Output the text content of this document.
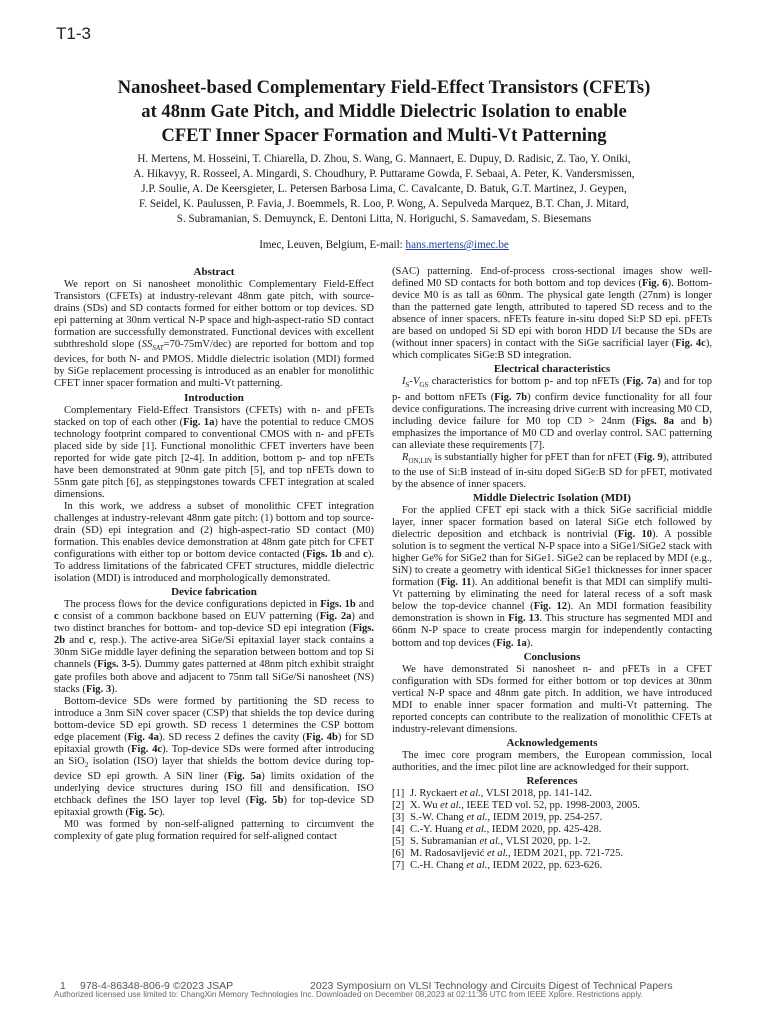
T1-3
Nanosheet-based Complementary Field-Effect Transistors (CFETs)
at 48nm Gate Pitch, and Middle Dielectric Isolation to enable
CFET Inner Spacer Formation and Multi-Vt Patterning
H. Mertens, M. Hosseini, T. Chiarella, D. Zhou, S. Wang, G. Mannaert, E. Dupuy, D. Radisic, Z. Tao, Y. Oniki,
A. Hikavyy, R. Rosseel, A. Mingardi, S. Choudhury, P. Puttarame Gowda, F. Sebaai, A. Peter, K. Vandersmissen,
J.P. Soulie, A. De Keersgieter, L. Petersen Barbosa Lima, C. Cavalcante, D. Batuk, G.T. Martinez, J. Geypen,
F. Seidel, K. Paulussen, P. Favia, J. Boemmels, R. Loo, P. Wong, A. Sepulveda Marquez, B.T. Chan, J. Mitard,
S. Subramanian, S. Demuynck, E. Dentoni Litta, N. Horiguchi, S. Samavedam, S. Biesemans
Imec, Leuven, Belgium, E-mail: hans.mertens@imec.be
Abstract

We report on Si nanosheet monolithic Complementary Field-Effect Transistors (CFETs) at industry-relevant 48nm gate pitch, with source-drains (SDs) and SD contacts formed for either bottom or top devices. SD epi patterning at 30nm vertical N-P space and high-aspect-ratio SD contact formation are successfully demonstrated. Functional devices with excellent subthreshold slope $(SS_{SAT}=70-75mV/dec)$ are reported for bottom and top devices, for both N- and PMOS. Middle dielectric isolation (MDI) formed by SiGe replacement processing is introduced as an enabler for monolithic CFET inner spacer formation and multi-Vt patterning.

Introduction

Complementary Field-Effect Transistors (CFETs) with n- and pFETs stacked on top of each other (Fig. 1a) have the potential to reduce CMOS technology footprint compared to conventional CMOS with n- and pFETs placed side by side [1]. Functional monolithic CFET inverters have been reported for wide gate pitch [2-4]. In addition, bottom p- and top nFETs have been demonstrated at 90nm gate pitch [5], and top nFETs down to 55nm gate pitch [6], as steppingstones towards CFET integration at scaled dimensions.

In this work, we address a subset of monolithic CFET integration challenges at industry-relevant 48nm gate pitch: (1) bottom and top source-drain (SD) epi integration and (2) high-aspect-ratio SD contact (M0) formation. This enables device demonstration at 48nm gate pitch for CFET configurations with either top or bottom device contacted (Figs. 1b and c). To address limitations of the fabricated CFET structures, middle dielectric isolation (MDI) is introduced and morphologically demonstrated.

Device fabrication

The process flows for the device configurations depicted in Figs. 1b and c consist of a common backbone based on EUV patterning (Fig. 2a) and two distinct branches for bottom- and top-device SD epi integration (Figs. 2b and c, resp.). The active-area SiGe/Si epitaxial layer stack contains a 30nm SiGe middle layer defining the separation between bottom and top Si channels (Figs. 3-5). Dummy gates patterned at 48nm pitch exhibit straight gate profiles both above and adjacent to 75nm tall SiGe/Si nanosheet (NS) stacks (Fig. 3).

Bottom-device SDs were formed by partitioning the SD recess to introduce a 3nm SiN cover spacer (CSP) that shields the top device during bottom-device SD epi growth. SD recess 1 determines the CSP bottom edge placement (Fig. 4a). SD recess 2 defines the cavity (Fig. 4b) for SD epitaxial growth (Fig. 4c). Top-device SDs were formed after introducing an SiO$_2$ isolation (ISO) layer that shields the bottom device during top-device SD epi growth. A SiN liner (Fig. 5a) limits oxidation of the underlying device structures during ISO fill and densification. ISO etchback defines the ISO layer top level (Fig. 5b) for top-device SD epitaxial growth (Fig. 5c).

M0 was formed by non-self-aligned patterning to circumvent the complexity of gate plug formation required for self-aligned contact

(SAC) patterning. End-of-process cross-sectional images show well-defined M0 SD contacts for both bottom and top devices (Fig. 6). Bottom-device M0 is as tall as 60nm. The physical gate length (27nm) is longer than the patterned gate length, attributed to tapered SD recess and to the absence of inner spacers. nFETs feature in-situ doped Si:P SD epi. pFETs are based on undoped Si SD epi with boron HDD I/I because the SDs are (without inner spacers) in contact with the SiGe sacrificial layer (Fig. 4c), which complicates SiGe:B SD integration.

Electrical characteristics

$I_S-V_{GS}$ characteristics for bottom p- and top nFETs (Fig. 7a) and for top p- and bottom nFETs (Fig. 7b) confirm device functionality for all four device configurations. The increasing drive current with increasing M0 CD, including device failure for M0 top CD > 24nm (Figs. 8a and b) emphasizes the importance of M0 CD and overlay control. SAC patterning can alleviate these requirements [7].

$R_{ON,LIN}$ is substantially higher for pFET than for nFET (Fig. 9), attributed to the use of Si:B instead of in-situ doped SiGe:B SD for pFET, motivated by the absence of inner spacers.

Middle Dielectric Isolation (MDI)

For the applied CFET epi stack with a thick SiGe sacrificial middle layer, inner spacer formation based on lateral SiGe etch followed by dielectric deposition and etchback is nontrivial (Fig. 10). A possible solution is to segment the vertical N-P space into a SiGe1/SiGe2 stack with higher Ge% for SiGe2 than for SiGe1. SiGe2 can be replaced by MDI (e.g., SiN) to create a geometry with identical SiGe1 thicknesses for inner spacer formation (Fig. 11). An additional benefit is that MDI can simplify multi-Vt patterning by eliminating the need for lateral recess of a soft mask below the top-device channel (Fig. 12). An MDI formation feasibility demonstration is shown in Fig. 13. This structure has segmented MDI and 66nm N-P space to create process margin for independently contacting bottom and top devices (Fig. 1a).

Conclusions

We have demonstrated Si nanosheet n- and pFETs in a CFET configuration with SDs formed for either bottom or top devices at 30nm vertical N-P space and 48nm gate pitch. In addition, we have introduced MDI to enable inner spacer formation and multi-Vt patterning. The reported concepts can contribute to the realization of monolithic CFETs at industry-relevant dimensions.

Acknowledgements

The imec core program members, the European commission, local authorities, and the imec pilot line are acknowledged for their support.

References
[1] J. Ryckaert et al., VLSI 2018, pp. 141-142.
[2] X. Wu et al., IEEE TED vol. 52, pp. 1998-2003, 2005.
[3] S.-W. Chang et al., IEDM 2019, pp. 254-257.
[4] C.-Y. Huang et al., IEDM 2020, pp. 425-428.
[5] S. Subramanian et al., VLSI 2020, pp. 1-2.
[6] M. Radosavljević et al., IEDM 2021, pp. 721-725.
[7] C.-H. Chang et al., IEDM 2022, pp. 623-626.
1 978-4-86348-806-9 ©2023 JSAP	2023 Symposium on VLSI Technology and Circuits Digest of Technical Papers
Authorized licensed use limited to: ChangXin Memory Technologies Inc. Downloaded on December 08,2023 at 02:11:36 UTC from IEEE Xplore. Restrictions apply.
